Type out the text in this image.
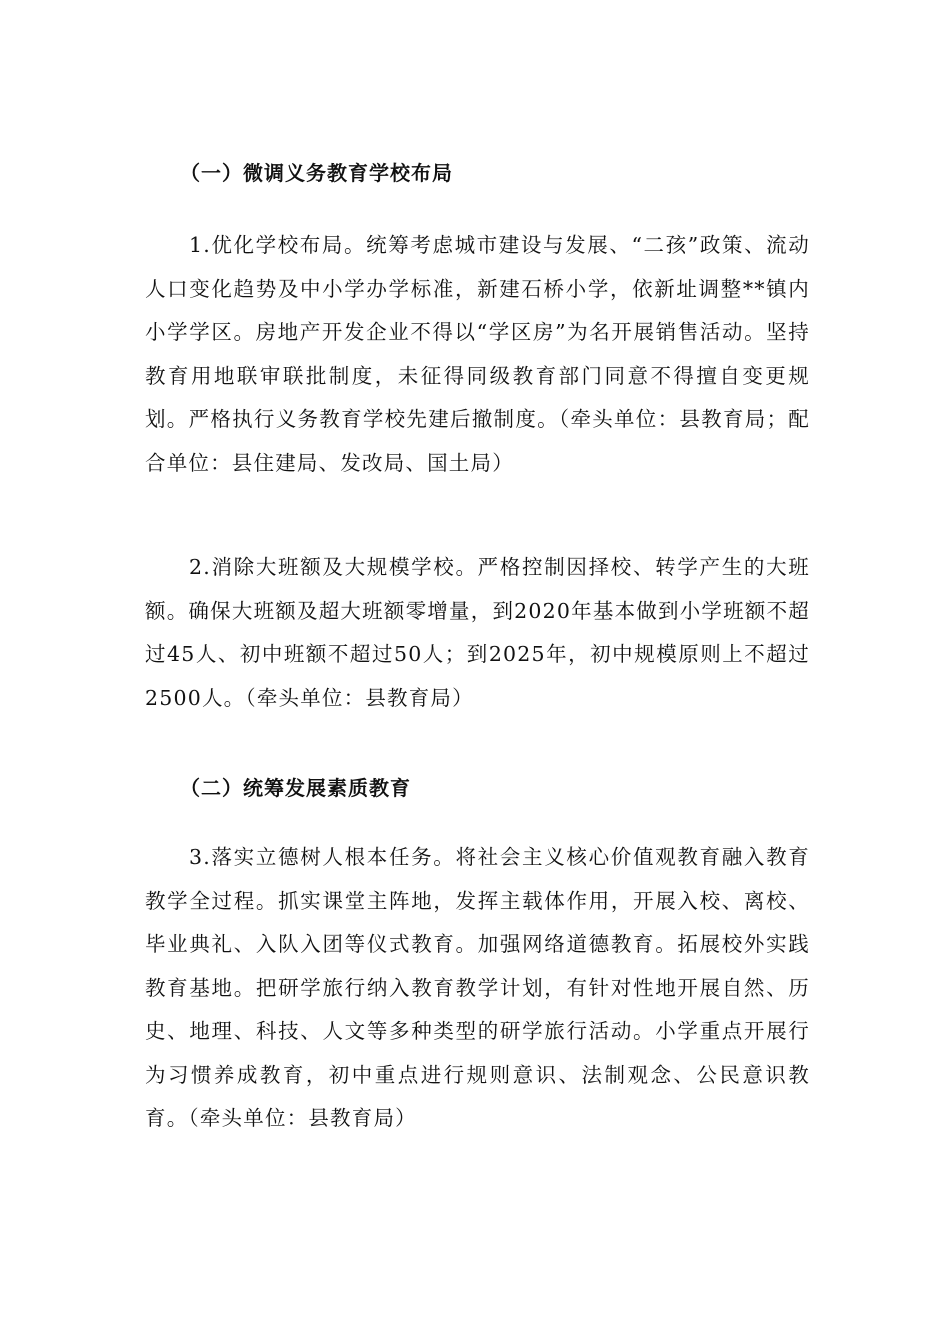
（一）微调义务教育学校布局

1.优化学校布局。统筹考虑城市建设与发展、“二孩”政策、流动人口变化趋势及中小学办学标准，新建石桥小学，依新址调整**镇内小学学区。房地产开发企业不得以“学区房”为名开展销售活动。坚持教育用地联审联批制度，未征得同级教育部门同意不得擅自变更规划。严格执行义务教育学校先建后撤制度。（牵头单位：县教育局；配合单位：县住建局、发改局、国土局）

2.消除大班额及大规模学校。严格控制因择校、转学产生的大班额。确保大班额及超大班额零增量，到2020年基本做到小学班额不超过45人、初中班额不超过50人；到2025年，初中规模原则上不超过2500人。（牵头单位：县教育局）

（二）统筹发展素质教育

3.落实立德树人根本任务。将社会主义核心价值观教育融入教育教学全过程。抓实课堂主阵地，发挥主载体作用，开展入校、离校、毕业典礼、入队入团等仪式教育。加强网络道德教育。拓展校外实践教育基地。把研学旅行纳入教育教学计划，有针对性地开展自然、历史、地理、科技、人文等多种类型的研学旅行活动。小学重点开展行为习惯养成教育，初中重点进行规则意识、法制观念、公民意识教育。（牵头单位：县教育局）
